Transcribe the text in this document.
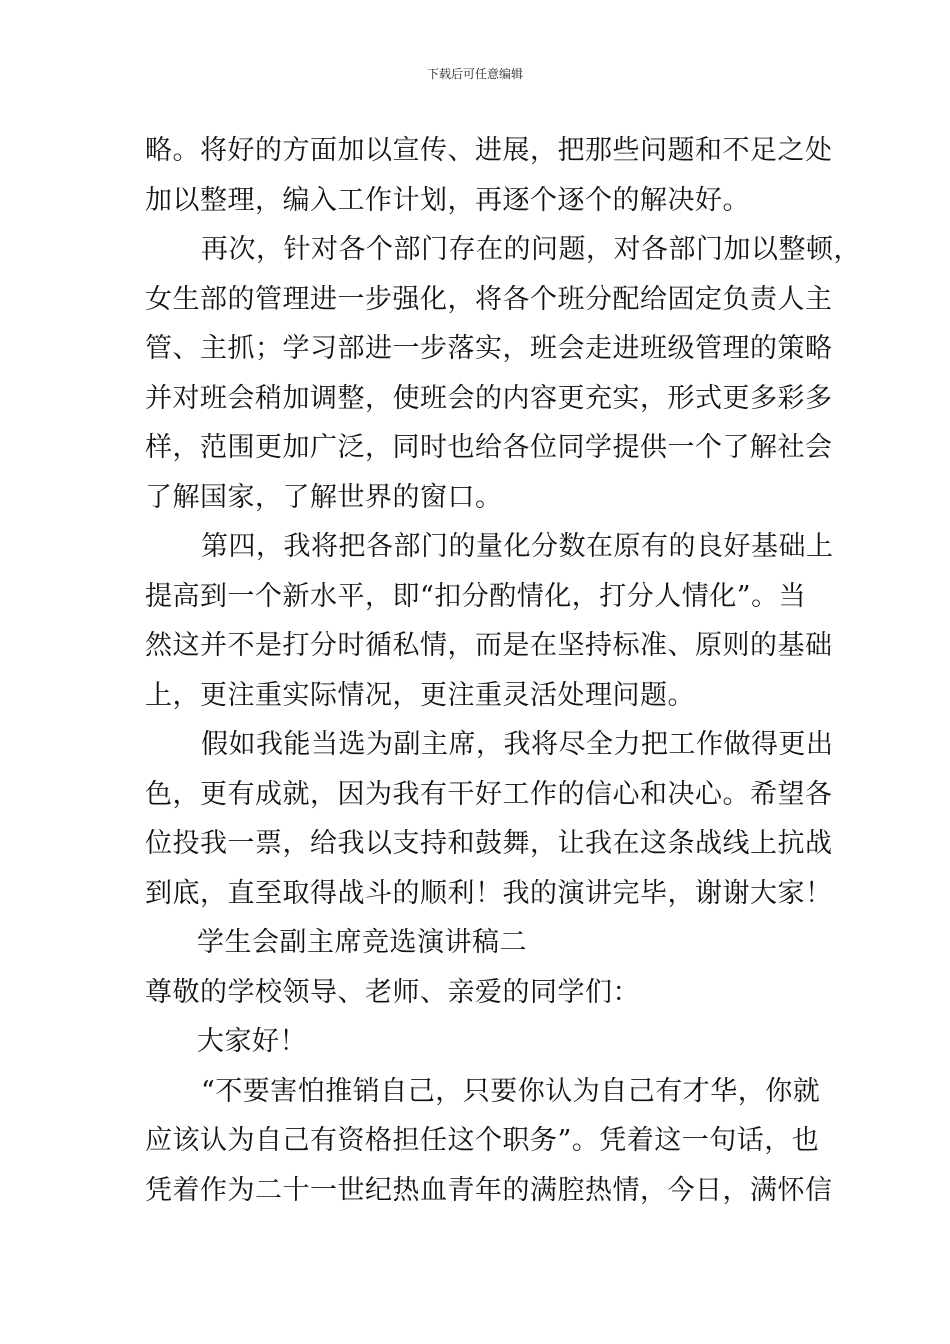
下载后可任意编辑
略。将好的方面加以宣传、进展，把那些问题和不足之处
加以整理，编入工作计划，再逐个逐个的解决好。
再次，针对各个部门存在的问题，对各部门加以整顿，
女生部的管理进一步强化，将各个班分配给固定负责人主
管、主抓；学习部进一步落实，班会走进班级管理的策略
并对班会稍加调整，使班会的内容更充实，形式更多彩多
样，范围更加广泛，同时也给各位同学提供一个了解社会
了解国家，了解世界的窗口。
第四，我将把各部门的量化分数在原有的良好基础上
提高到一个新水平，即“扣分酌情化，打分人情化”。当
然这并不是打分时循私情，而是在坚持标准、原则的基础
上，更注重实际情况，更注重灵活处理问题。
假如我能当选为副主席，我将尽全力把工作做得更出
色，更有成就，因为我有干好工作的信心和决心。希望各
位投我一票，给我以支持和鼓舞，让我在这条战线上抗战
到底，直至取得战斗的顺利！我的演讲完毕，谢谢大家！
学生会副主席竞选演讲稿二
尊敬的学校领导、老师、亲爱的同学们：
大家好！
“不要害怕推销自己，只要你认为自己有才华，你就
应该认为自己有资格担任这个职务”。凭着这一句话，也
凭着作为二十一世纪热血青年的满腔热情，今日，满怀信
